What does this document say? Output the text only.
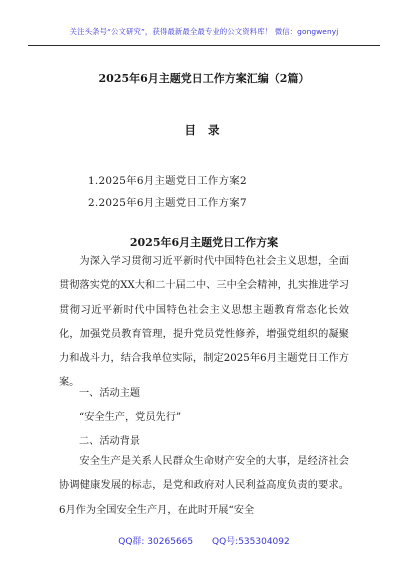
关注头条号“公文研究”，获得最新最全最专业的公文资料库！ 微信：gongwenyj
2025年6月主题党日工作方案汇编（2篇）
目 录
1.2025年6月主题党日工作方案2
2.2025年6月主题党日工作方案7
2025年6月主题党日工作方案
为深入学习贯彻习近平新时代中国特色社会主义思想，全面贯彻落实党的XX大和二十届二中、三中全会精神，扎实推进学习贯彻习近平新时代中国特色社会主义思想主题教育常态化长效化，加强党员教育管理，提升党员党性修养，增强党组织的凝聚力和战斗力，结合我单位实际，制定2025年6月主题党日工作方案。
一、活动主题
“安全生产，党员先行”
二、活动背景
安全生产是关系人民群众生命财产安全的大事，是经济社会协调健康发展的标志，是党和政府对人民利益高度负责的要求。6月作为全国安全生产月，在此时开展“安全
QQ群: 30265665 QQ号:535304092
